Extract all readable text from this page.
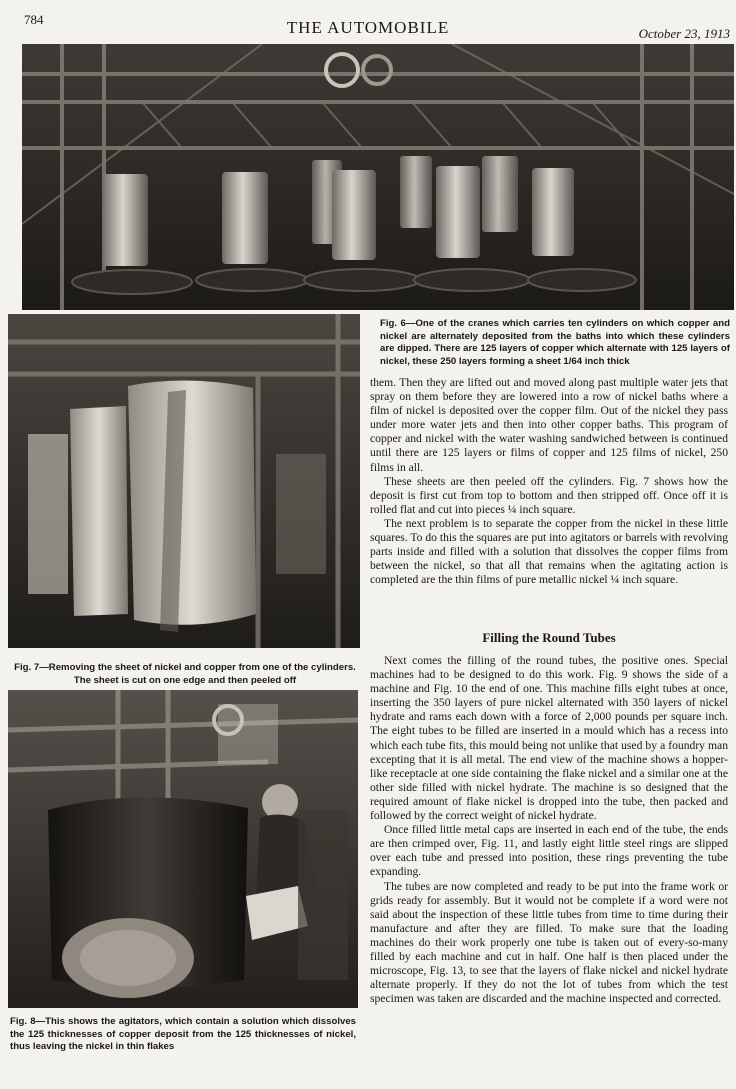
784	THE AUTOMOBILE	October 23, 1913
Fig. 6—One of the cranes which carries ten cylinders on which copper and nickel are alternately deposited from the baths into which these cylinders are dipped. There are 125 layers of copper which alternate with 125 layers of nickel, these 250 layers forming a sheet 1/64 inch thick
Fig. 7—Removing the sheet of nickel and copper from one of the cylinders. The sheet is cut on one edge and then peeled off
Fig. 8—This shows the agitators, which contain a solution which dissolves the 125 thicknesses of copper deposit from the 125 thicknesses of nickel, thus leaving the nickel in thin flakes

them. Then they are lifted out and moved along past multiple water jets that spray on them before they are lowered into a row of nickel baths where a film of nickel is deposited over the copper film. Out of the nickel they pass under more water jets and then into other copper baths. This program of copper and nickel with the water washing sandwiched between is continued until there are 125 layers or films of copper and 125 films of nickel, 250 films in all.

These sheets are then peeled off the cylinders. Fig. 7 shows how the deposit is first cut from top to bottom and then stripped off. Once off it is rolled flat and cut into pieces ¼ inch square.

The next problem is to separate the copper from the nickel in these little squares. To do this the squares are put into agitators or barrels with revolving parts inside and filled with a solution that dissolves the copper films from between the nickel, so that all that remains when the agitating action is completed are the thin films of pure metallic nickel ¼ inch square.

Filling the Round Tubes

Next comes the filling of the round tubes, the positive ones. Special machines had to be designed to do this work. Fig. 9 shows the side of a machine and Fig. 10 the end of one. This machine fills eight tubes at once, inserting the 350 layers of pure nickel alternated with 350 layers of nickel hydrate and rams each down with a force of 2,000 pounds per square inch. The eight tubes to be filled are inserted in a mould which has a recess into which each tube fits, this mould being not unlike that used by a foundry man excepting that it is all metal. The end view of the machine shows a hopper-like receptacle at one side containing the flake nickel and a similar one at the other side filled with nickel hydrate. The machine is so designed that the required amount of flake nickel is dropped into the tube, then packed and followed by the correct weight of nickel hydrate.

Once filled little metal caps are inserted in each end of the tube, the ends are then crimped over, Fig. 11, and lastly eight little steel rings are slipped over each tube and pressed into position, these rings preventing the tube expanding.

The tubes are now completed and ready to be put into the frame work or grids ready for assembly. But it would not be complete if a word were not said about the inspection of these little tubes from time to time during their manufacture and after they are filled. To make sure that the loading machines do their work properly one tube is taken out of every-so-many filled by each machine and cut in half. One half is then placed under the microscope, Fig. 13, to see that the layers of flake nickel and nickel hydrate alternate properly. If they do not the lot of tubes from which the test specimen was taken are discarded and the machine inspected and corrected.
